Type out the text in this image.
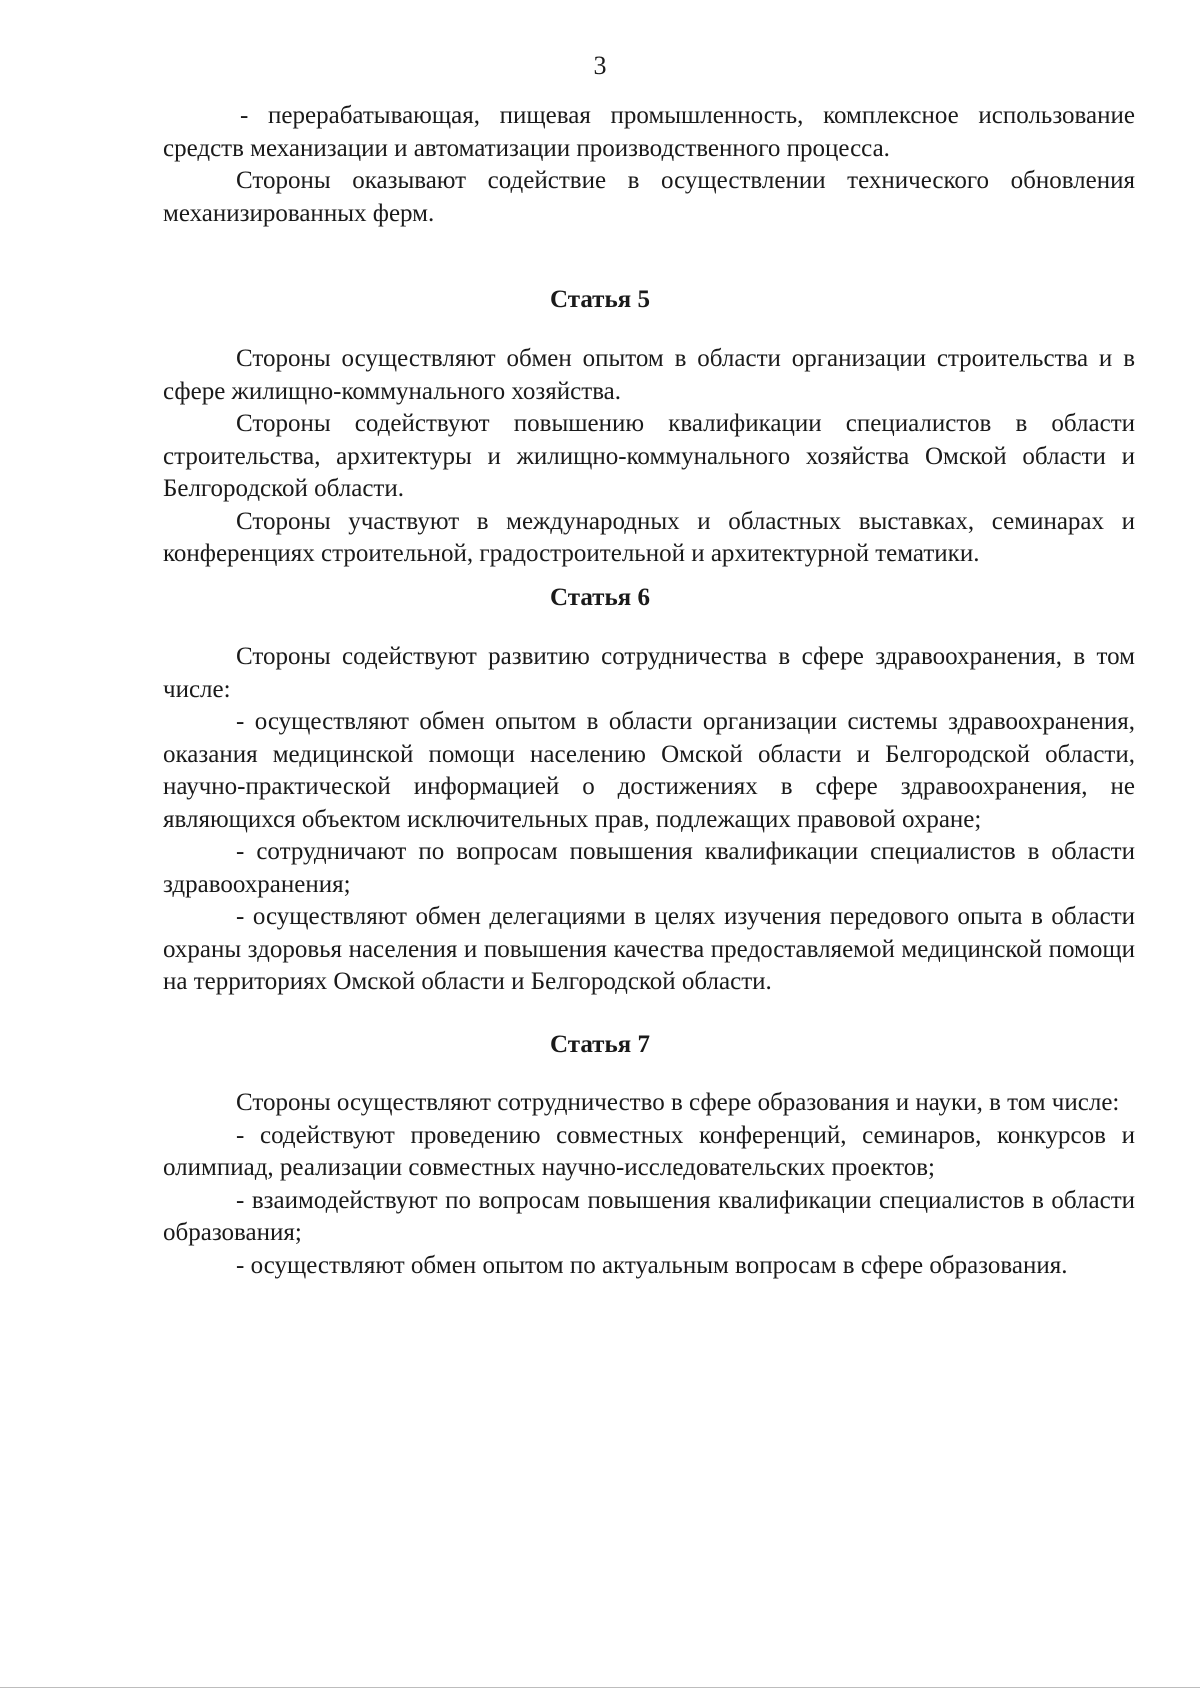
3

- перерабатывающая, пищевая промышленность, комплексное использование средств механизации и автоматизации производственного процесса.

Стороны оказывают содействие в осуществлении технического обновления механизированных ферм.

Статья 5

Стороны осуществляют обмен опытом в области организации строительства и в сфере жилищно-коммунального хозяйства.

Стороны содействуют повышению квалификации специалистов в области строительства, архитектуры и жилищно-коммунального хозяйства Омской области и Белгородской области.

Стороны участвуют в международных и областных выставках, семинарах и конференциях строительной, градостроительной и архитектурной тематики.

Статья 6

Стороны содействуют развитию сотрудничества в сфере здравоохранения, в том числе:

- осуществляют обмен опытом в области организации системы здравоохранения, оказания медицинской помощи населению Омской области и Белгородской области, научно-практической информацией о достижениях в сфере здравоохранения, не являющихся объектом исключительных прав, подлежащих правовой охране;

- сотрудничают по вопросам повышения квалификации специалистов в области здравоохранения;

- осуществляют обмен делегациями в целях изучения передового опыта в области охраны здоровья населения и повышения качества предоставляемой медицинской помощи на территориях Омской области и Белгородской области.

Статья 7

Стороны осуществляют сотрудничество в сфере образования и науки, в том числе:

- содействуют проведению совместных конференций, семинаров, конкурсов и олимпиад, реализации совместных научно-исследовательских проектов;

- взаимодействуют по вопросам повышения квалификации специалистов в области образования;

- осуществляют обмен опытом по актуальным вопросам в сфере образования.
